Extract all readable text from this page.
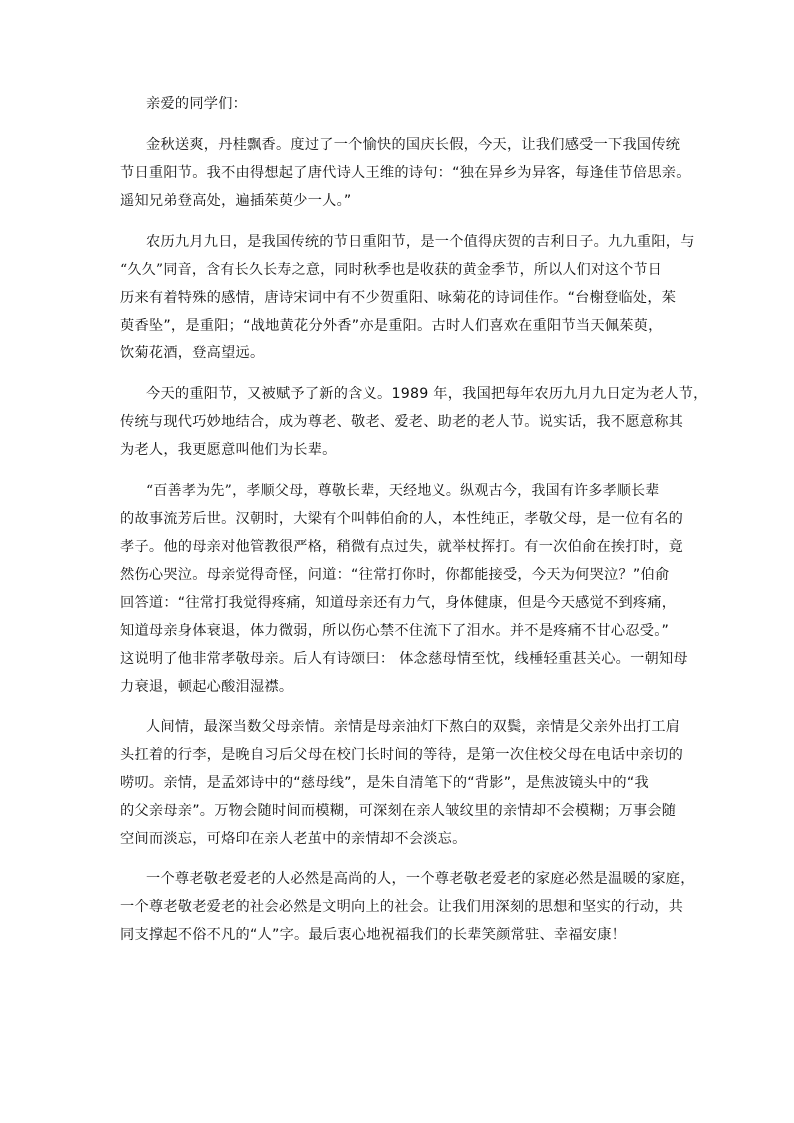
亲爱的同学们：
金秋送爽，丹桂飘香。度过了一个愉快的国庆长假，今天，让我们感受一下我国传统
节日重阳节。我不由得想起了唐代诗人王维的诗句：“独在异乡为异客，每逢佳节倍思亲。
遥知兄弟登高处，遍插茱萸少一人。”
农历九月九日，是我国传统的节日重阳节，是一个值得庆贺的吉利日子。九九重阳，与
“久久”同音，含有长久长寿之意，同时秋季也是收获的黄金季节，所以人们对这个节日
历来有着特殊的感情，唐诗宋词中有不少贺重阳、咏菊花的诗词佳作。“台榭登临处，茱
萸香坠”，是重阳；“战地黄花分外香”亦是重阳。古时人们喜欢在重阳节当天佩茱萸，
饮菊花酒，登高望远。
今天的重阳节，又被赋予了新的含义。1989 年，我国把每年农历九月九日定为老人节，
传统与现代巧妙地结合，成为尊老、敬老、爱老、助老的老人节。说实话，我不愿意称其
为老人，我更愿意叫他们为长辈。
“百善孝为先”，孝顺父母，尊敬长辈，天经地义。纵观古今，我国有许多孝顺长辈
的故事流芳后世。汉朝时，大梁有个叫韩伯俞的人，本性纯正，孝敬父母，是一位有名的
孝子。他的母亲对他管教很严格，稍微有点过失，就举杖挥打。有一次伯俞在挨打时，竟
然伤心哭泣。母亲觉得奇怪，问道：“往常打你时，你都能接受，今天为何哭泣？”伯俞
回答道：“往常打我觉得疼痛，知道母亲还有力气，身体健康，但是今天感觉不到疼痛，
知道母亲身体衰退，体力微弱，所以伤心禁不住流下了泪水。并不是疼痛不甘心忍受。”
这说明了他非常孝敬母亲。后人有诗颂曰： 体念慈母情至忱，线棰轻重甚关心。一朝知母
力衰退，顿起心酸泪湿襟。
人间情，最深当数父母亲情。亲情是母亲油灯下熬白的双鬓，亲情是父亲外出打工肩
头扛着的行李，是晚自习后父母在校门长时间的等待，是第一次住校父母在电话中亲切的
唠叨。亲情，是孟郊诗中的“慈母线”，是朱自清笔下的“背影”，是焦波镜头中的“我
的父亲母亲”。万物会随时间而模糊，可深刻在亲人皱纹里的亲情却不会模糊；万事会随
空间而淡忘，可烙印在亲人老茧中的亲情却不会淡忘。
一个尊老敬老爱老的人必然是高尚的人，一个尊老敬老爱老的家庭必然是温暖的家庭，
一个尊老敬老爱老的社会必然是文明向上的社会。让我们用深刻的思想和坚实的行动，共
同支撑起不俗不凡的“人”字。最后衷心地祝福我们的长辈笑颜常驻、幸福安康！
